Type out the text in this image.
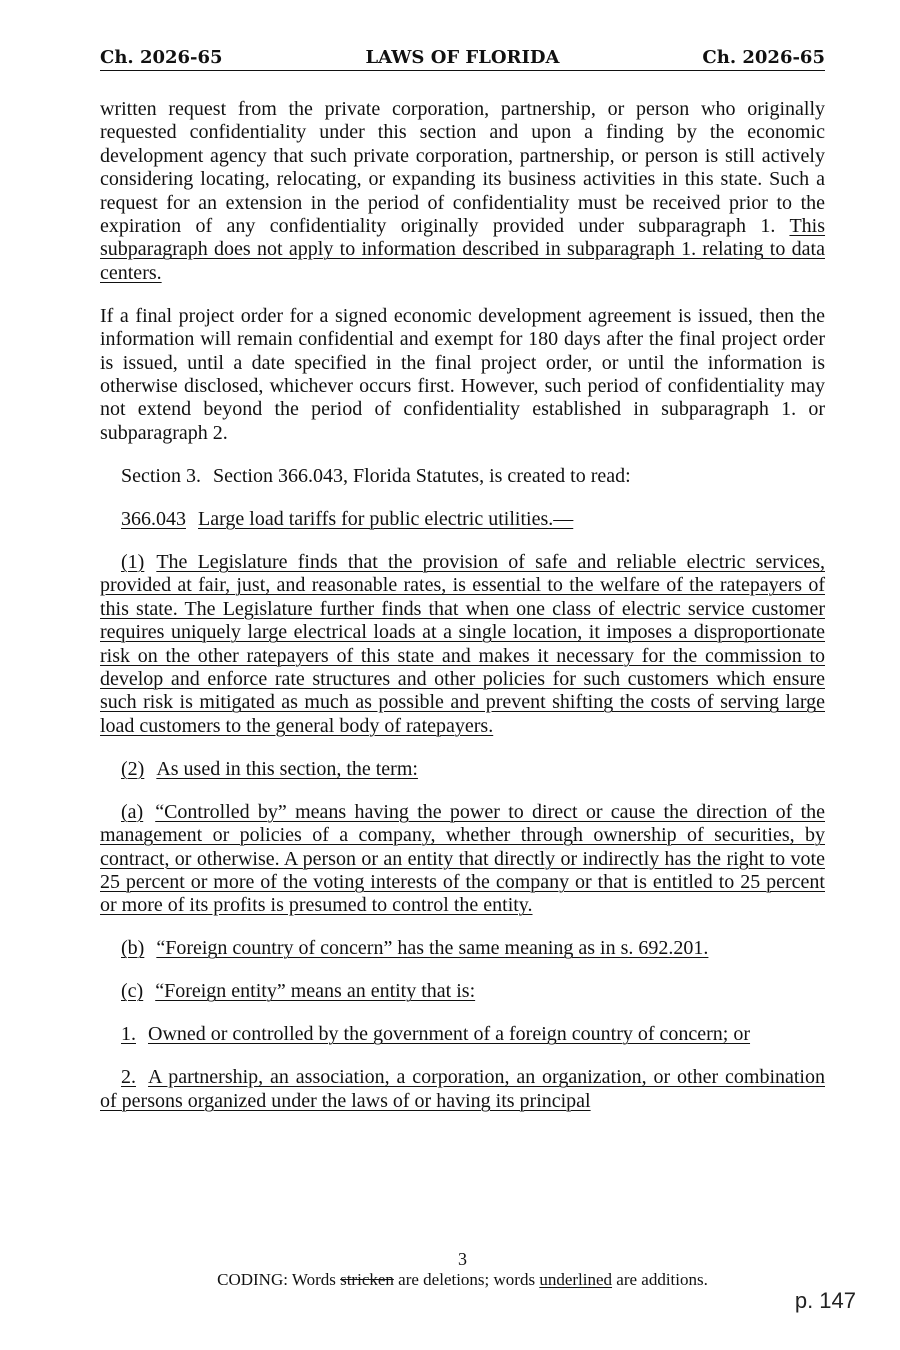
Ch. 2026-65	LAWS OF FLORIDA	Ch. 2026-65

written request from the private corporation, partnership, or person who originally requested confidentiality under this section and upon a finding by the economic development agency that such private corporation, partnership, or person is still actively considering locating, relocating, or expanding its business activities in this state. Such a request for an extension in the period of confidentiality must be received prior to the expiration of any confidentiality originally provided under subparagraph 1. This subparagraph does not apply to information described in subparagraph 1. relating to data centers.

If a final project order for a signed economic development agreement is issued, then the information will remain confidential and exempt for 180 days after the final project order is issued, until a date specified in the final project order, or until the information is otherwise disclosed, whichever occurs first. However, such period of confidentiality may not extend beyond the period of confidentiality established in subparagraph 1. or subparagraph 2.

Section 3. Section 366.043, Florida Statutes, is created to read:

366.043 Large load tariffs for public electric utilities.—

(1) The Legislature finds that the provision of safe and reliable electric services, provided at fair, just, and reasonable rates, is essential to the welfare of the ratepayers of this state. The Legislature further finds that when one class of electric service customer requires uniquely large electrical loads at a single location, it imposes a disproportionate risk on the other ratepayers of this state and makes it necessary for the commission to develop and enforce rate structures and other policies for such customers which ensure such risk is mitigated as much as possible and prevent shifting the costs of serving large load customers to the general body of ratepayers.

(2) As used in this section, the term:

(a) “Controlled by” means having the power to direct or cause the direction of the management or policies of a company, whether through ownership of securities, by contract, or otherwise. A person or an entity that directly or indirectly has the right to vote 25 percent or more of the voting interests of the company or that is entitled to 25 percent or more of its profits is presumed to control the entity.

(b) “Foreign country of concern” has the same meaning as in s. 692.201.

(c) “Foreign entity” means an entity that is:

1. Owned or controlled by the government of a foreign country of concern; or

2. A partnership, an association, a corporation, an organization, or other combination of persons organized under the laws of or having its principal

3
CODING: Words stricken are deletions; words underlined are additions.
p. 147
